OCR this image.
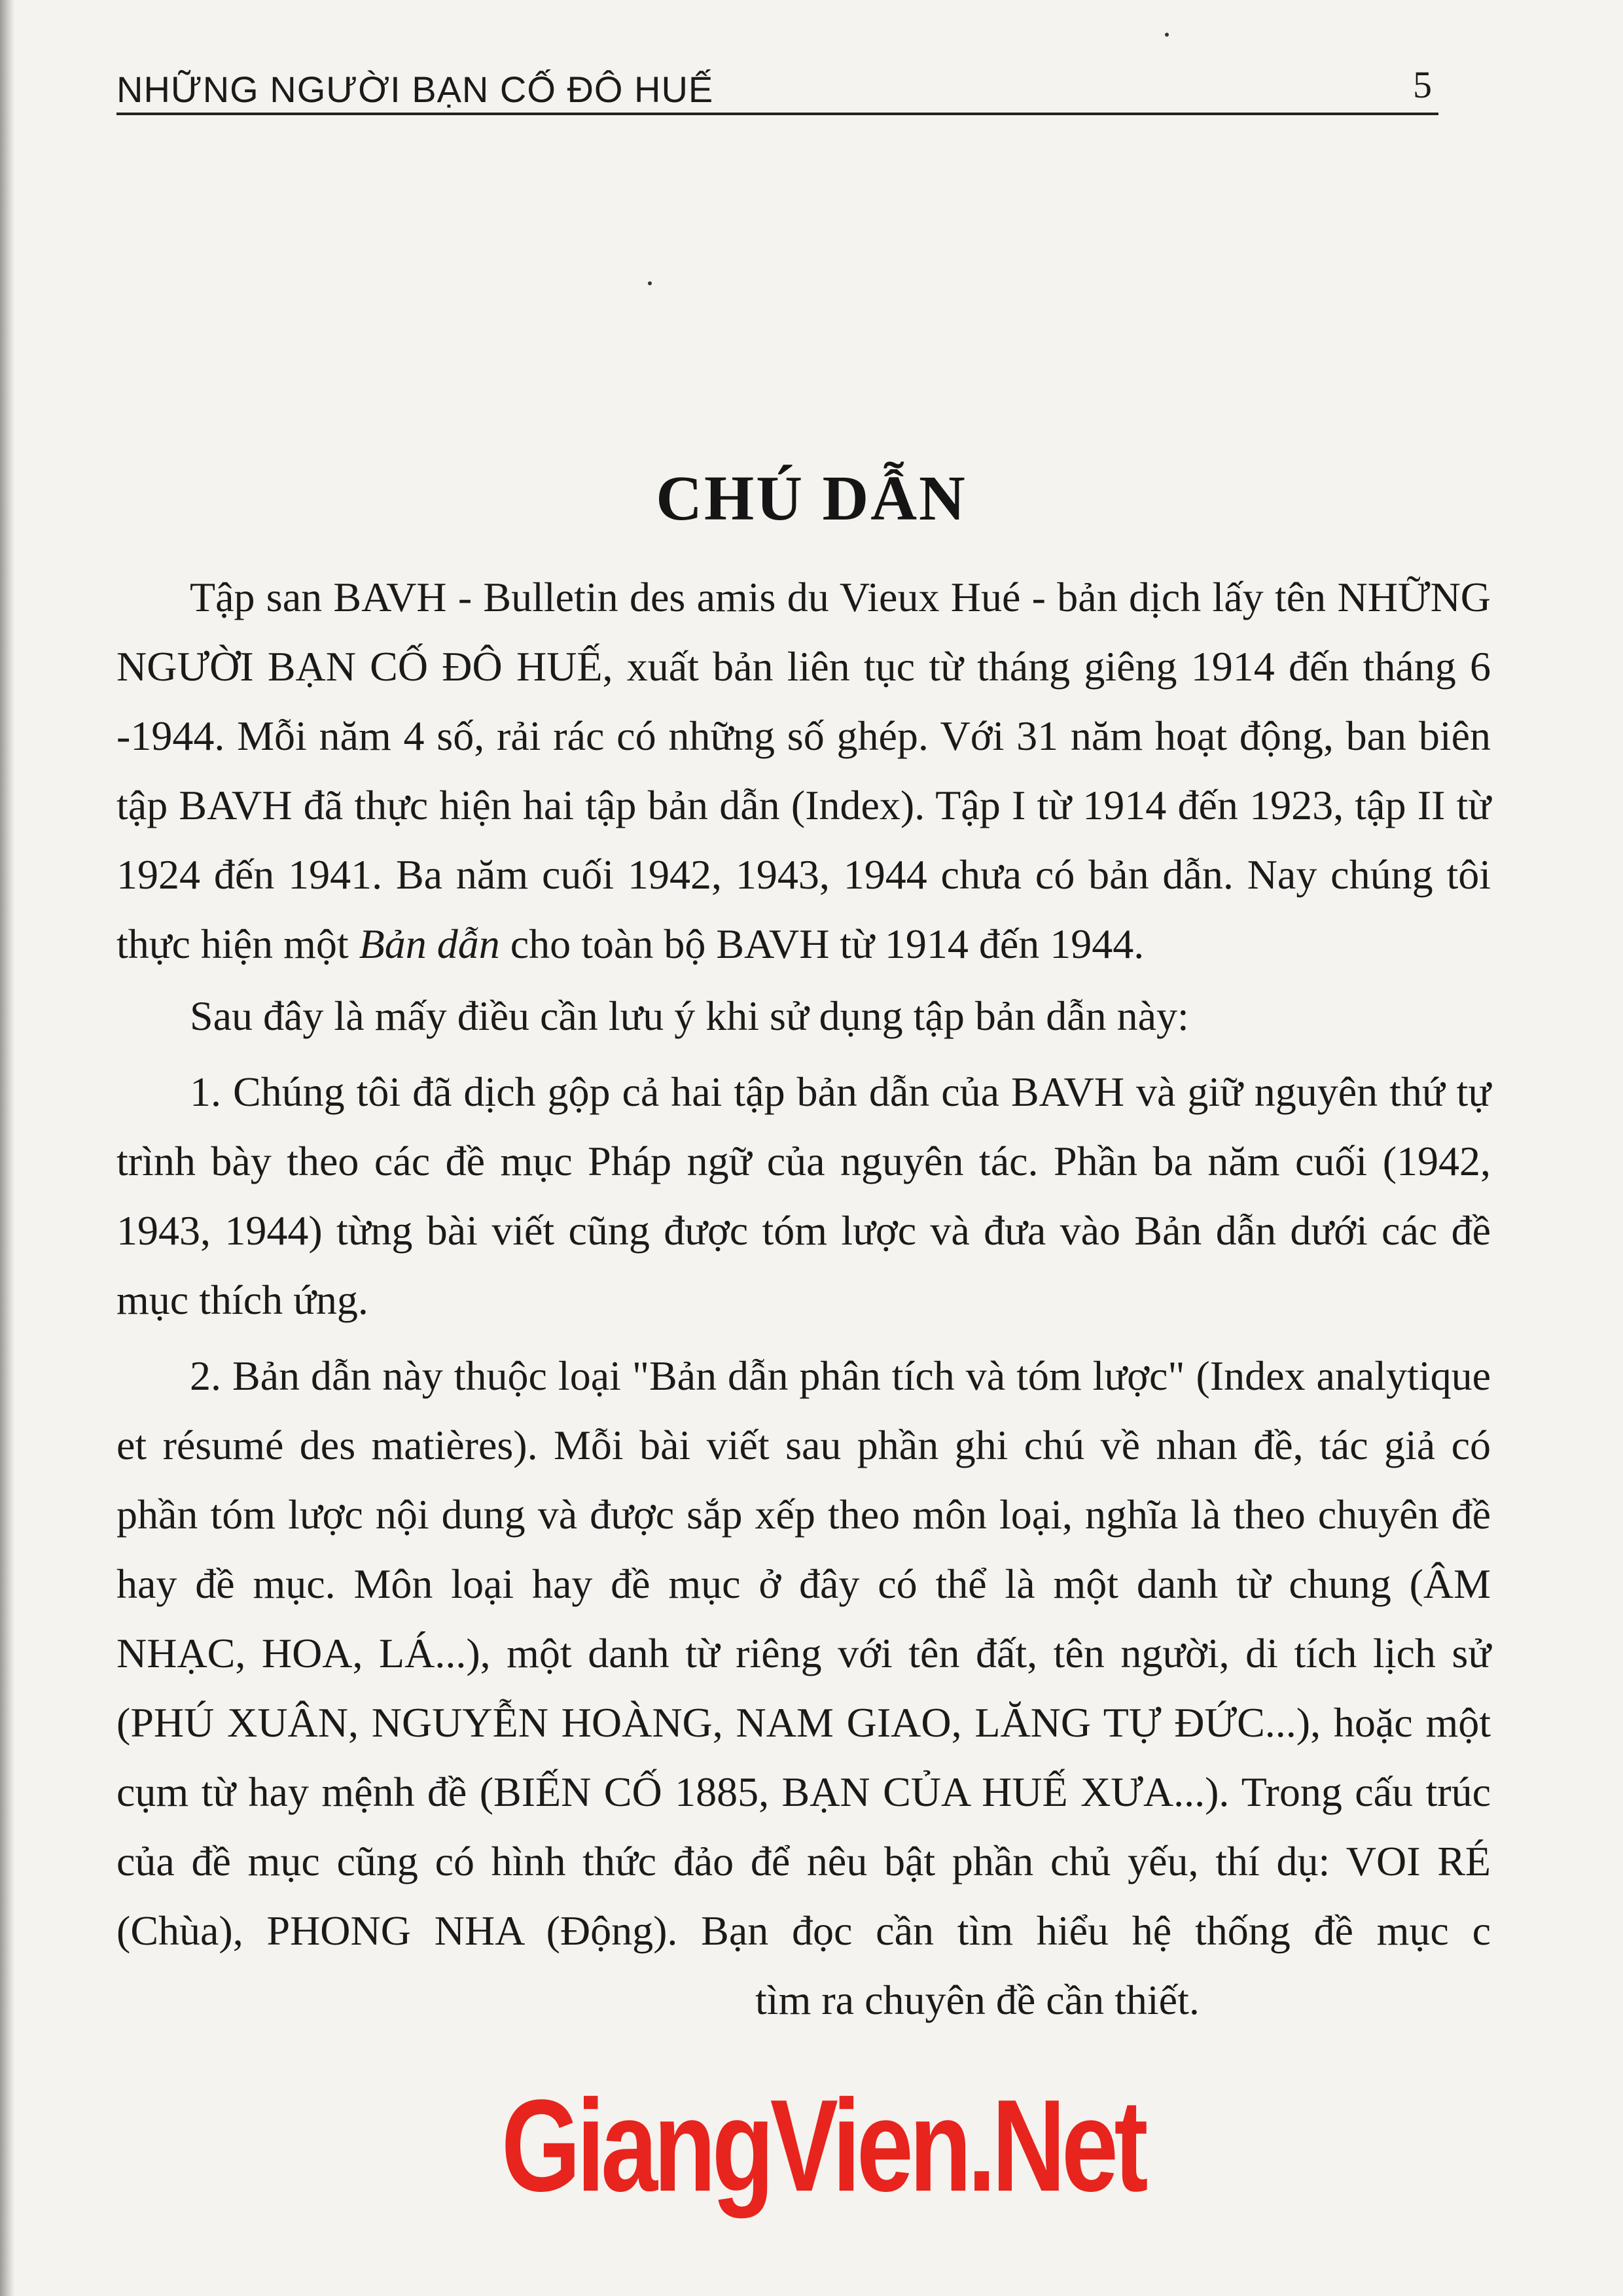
NHỮNG NGƯỜI BẠN CỐ ĐÔ HUẾ	5
CHÚ DẪN

Tập san BAVH - Bulletin des amis du Vieux Hué - bản dịch lấy tên NHỮNG NGƯỜI BẠN CỐ ĐÔ HUẾ, xuất bản liên tục từ tháng giêng 1914 đến tháng 6 -1944. Mỗi năm 4 số, rải rác có những số ghép. Với 31 năm hoạt động, ban biên tập BAVH đã thực hiện hai tập bản dẫn (Index). Tập I từ 1914 đến 1923, tập II từ 1924 đến 1941. Ba năm cuối 1942, 1943, 1944 chưa có bản dẫn. Nay chúng tôi thực hiện một Bản dẫn cho toàn bộ BAVH từ 1914 đến 1944.

Sau đây là mấy điều cần lưu ý khi sử dụng tập bản dẫn này:

1. Chúng tôi đã dịch gộp cả hai tập bản dẫn của BAVH và giữ nguyên thứ tự trình bày theo các đề mục Pháp ngữ của nguyên tác. Phần ba năm cuối (1942, 1943, 1944) từng bài viết cũng được tóm lược và đưa vào Bản dẫn dưới các đề mục thích ứng.

2. Bản dẫn này thuộc loại "Bản dẫn phân tích và tóm lược" (Index analytique et résumé des matières). Mỗi bài viết sau phần ghi chú về nhan đề, tác giả có phần tóm lược nội dung và được sắp xếp theo môn loại, nghĩa là theo chuyên đề hay đề mục. Môn loại hay đề mục ở đây có thể là một danh từ chung (ÂM NHẠC, HOA, LÁ...), một danh từ riêng với tên đất, tên người, di tích lịch sử (PHÚ XUÂN, NGUYỄN HOÀNG, NAM GIAO, LĂNG TỰ ĐỨC...), hoặc một cụm từ hay mệnh đề (BIẾN CỐ 1885, BẠN CỦA HUẾ XƯA...). Trong cấu trúc của đề mục cũng có hình thức đảo để nêu bật phần chủ yếu, thí dụ: VOI RÉ (Chùa), PHONG NHA (Động). Bạn đọc cần tìm hiểu hệ thống đề mục c tìm ra chuyên đề cần thiết.

GiangVien.Net
